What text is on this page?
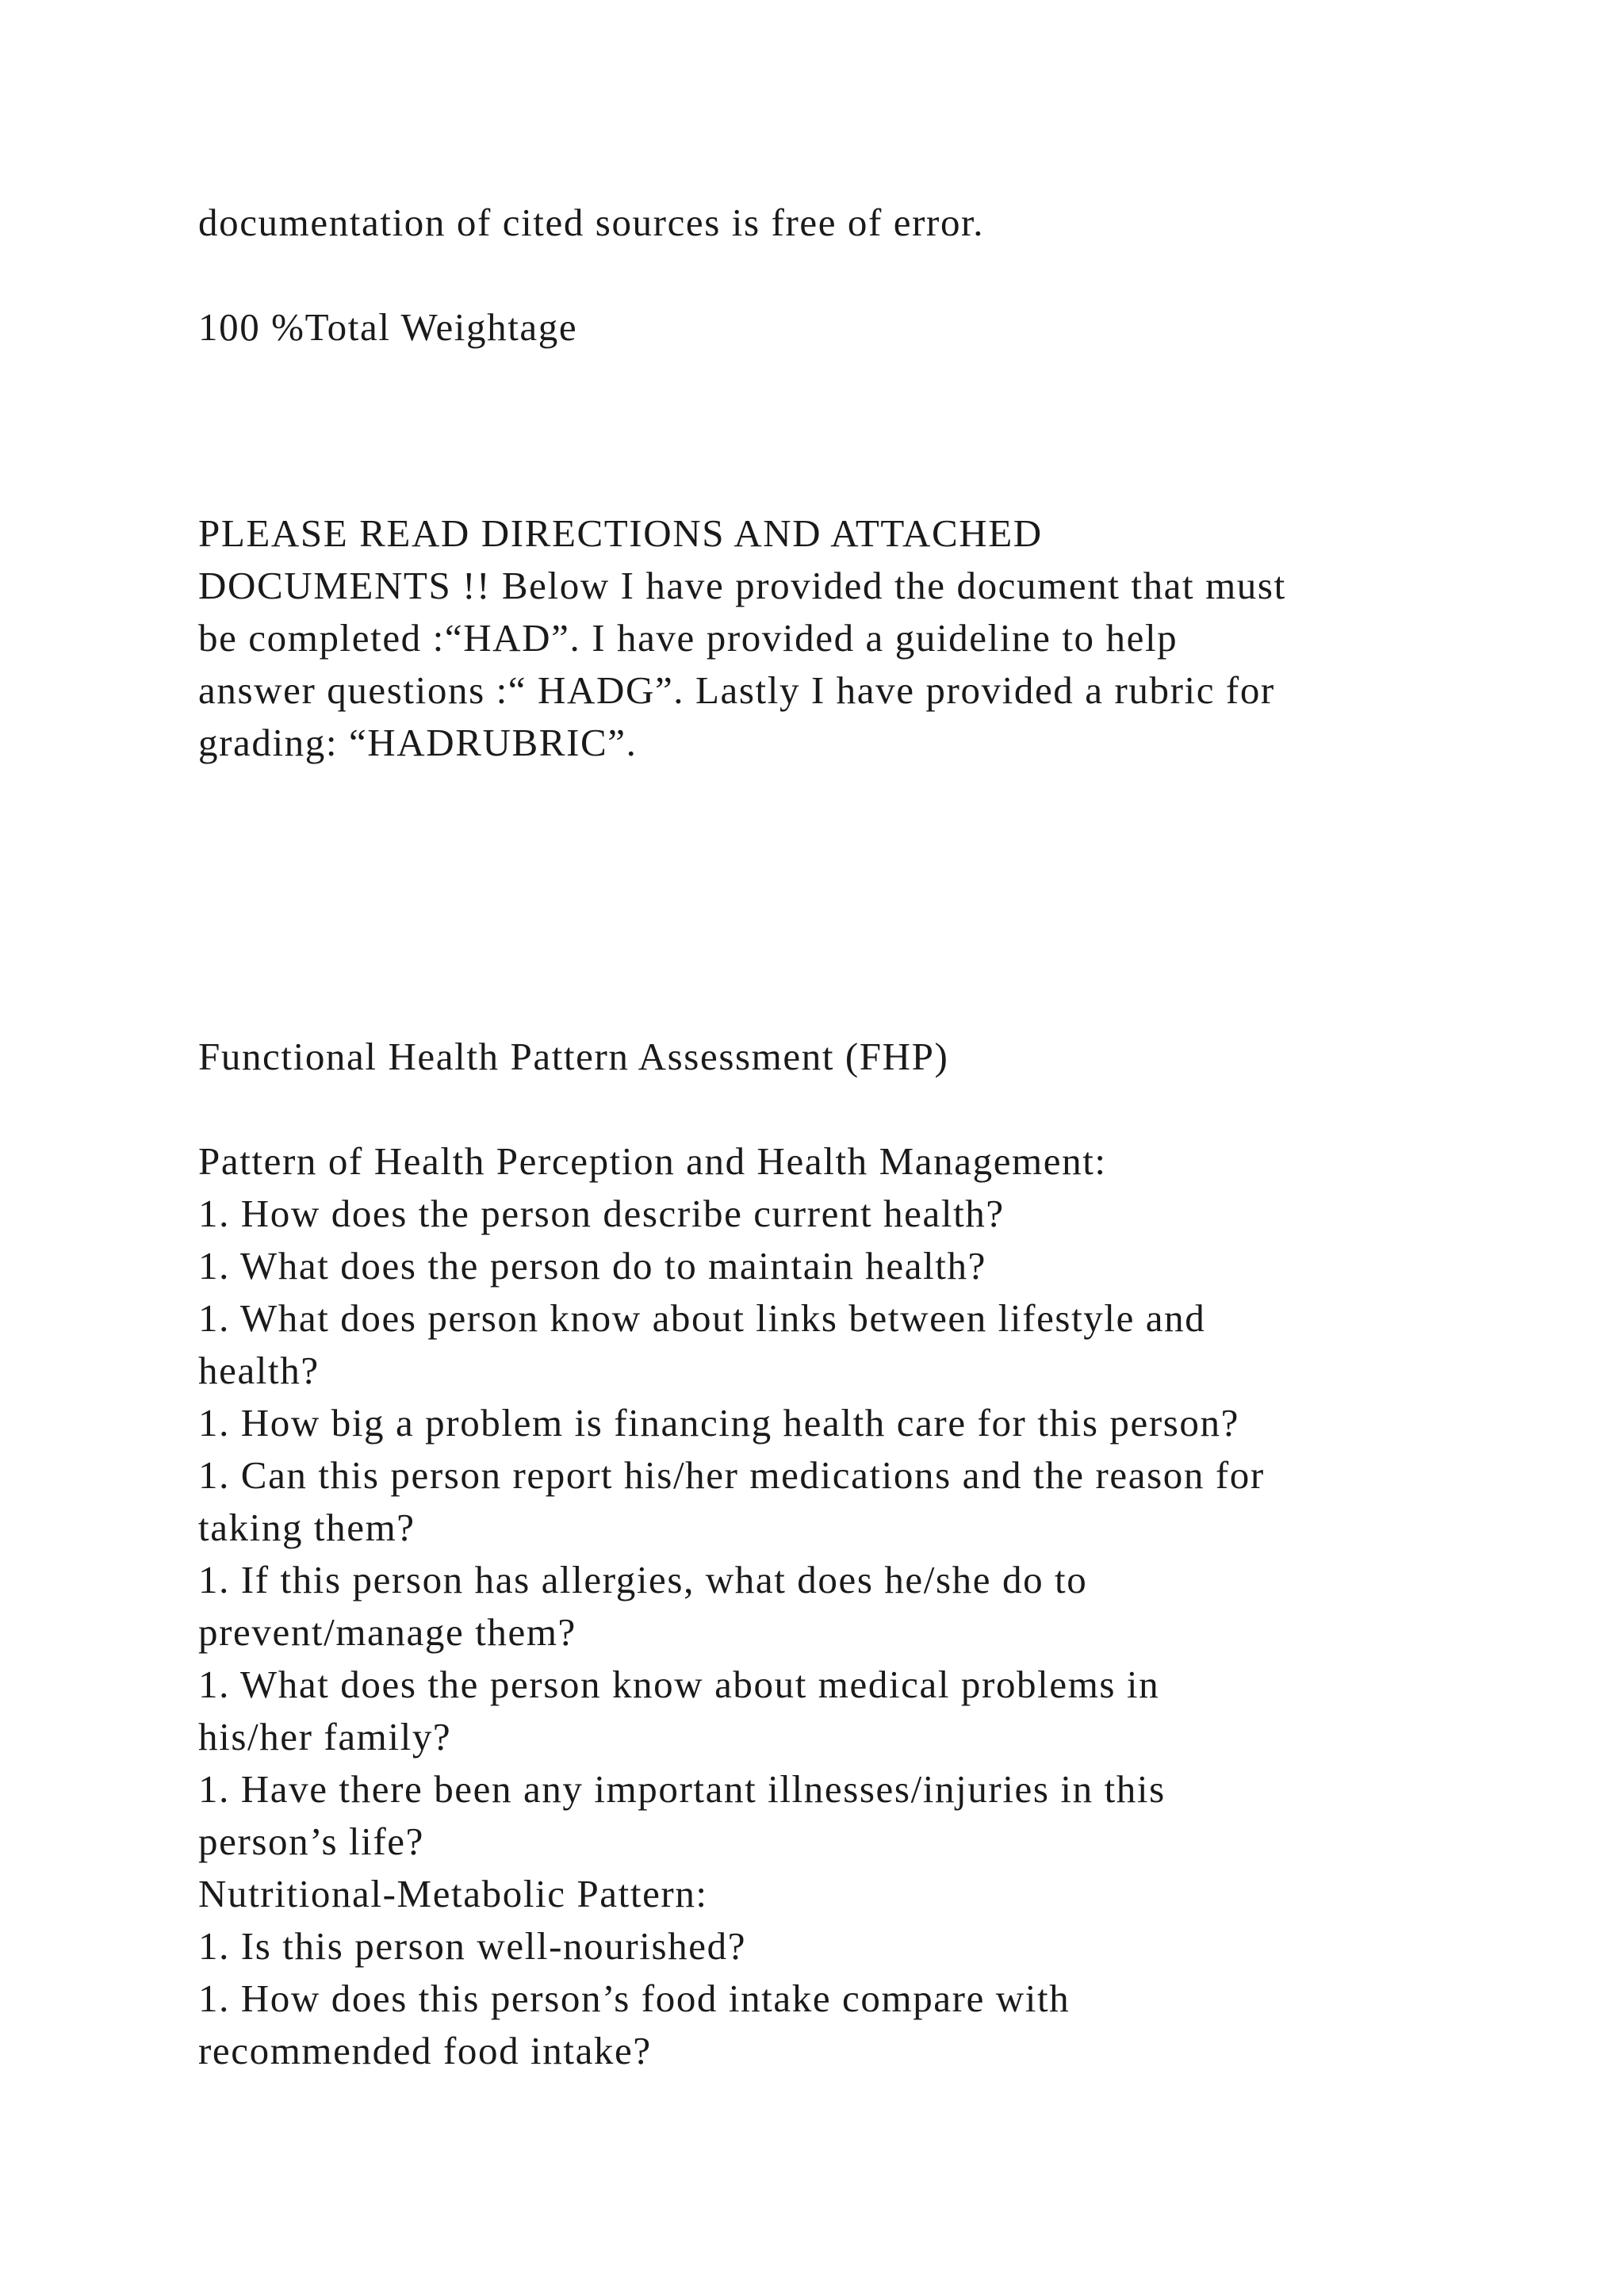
documentation of cited sources is free of error.
100 %Total Weightage
PLEASE READ DIRECTIONS AND ATTACHED
DOCUMENTS !! Below I have provided the document that must
be completed :“HAD”. I have provided a guideline to help
answer questions :“ HADG”. Lastly I have provided a rubric for
grading: “HADRUBRIC”.
Functional Health Pattern Assessment (FHP)
Pattern of Health Perception and Health Management:
1. How does the person describe current health?
1. What does the person do to maintain health?
1. What does person know about links between lifestyle and
health?
1. How big a problem is financing health care for this person?
1. Can this person report his/her medications and the reason for
taking them?
1. If this person has allergies, what does he/she do to
prevent/manage them?
1. What does the person know about medical problems in
his/her family?
1. Have there been any important illnesses/injuries in this
person’s life?
Nutritional-Metabolic Pattern:
1. Is this person well-nourished?
1. How does this person’s food intake compare with
recommended food intake?
